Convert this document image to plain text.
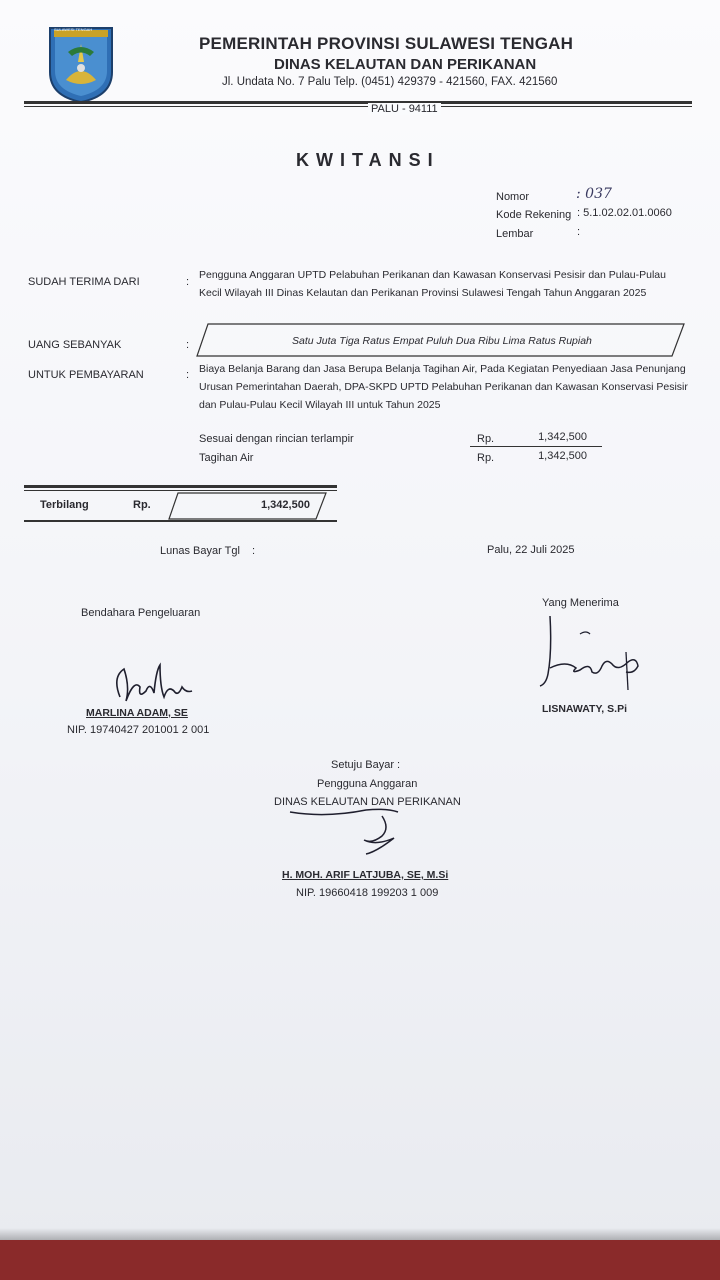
SULAWESI TENGAH
PEMERINTAH PROVINSI SULAWESI TENGAH
DINAS KELAUTAN DAN PERIKANAN
Jl. Undata No. 7 Palu Telp. (0451) 429379 - 421560, FAX. 421560
PALU - 94111
KWITANSI
Nomor	: 037
Kode Rekening : 5.1.02.02.01.0060
Lembar	:
SUDAH TERIMA DARI	:
Pengguna Anggaran UPTD Pelabuhan Perikanan dan Kawasan Konservasi Pesisir dan Pulau-Pulau Kecil Wilayah III Dinas Kelautan dan Perikanan Provinsi Sulawesi Tengah Tahun Anggaran 2025
UANG SEBANYAK	:	Satu Juta Tiga Ratus Empat Puluh Dua Ribu Lima Ratus Rupiah
UNTUK PEMBAYARAN	: Biaya Belanja Barang dan Jasa Berupa Belanja Tagihan Air, Pada Kegiatan Penyediaan Jasa Penunjang Urusan Pemerintahan Daerah, DPA-SKPD UPTD Pelabuhan Perikanan dan Kawasan Konservasi Pesisir dan Pulau-Pulau Kecil Wilayah III untuk Tahun 2025
Sesuai dengan rincian terlampir	Rp.	1,342,500
Tagihan Air	Rp.	1,342,500
Terbilang	Rp.	1,342,500
Lunas Bayar Tgl :	Palu, 22 Juli 2025
Bendahara Pengeluaran
MARLINA ADAM, SE
NIP. 19740427 201001 2 001
Yang Menerima
LISNAWATY, S.Pi
Setuju Bayar :
Pengguna Anggaran
DINAS KELAUTAN DAN PERIKANAN
H. MOH. ARIF LATJUBA, SE, M.Si
NIP. 19660418 199203 1 009
